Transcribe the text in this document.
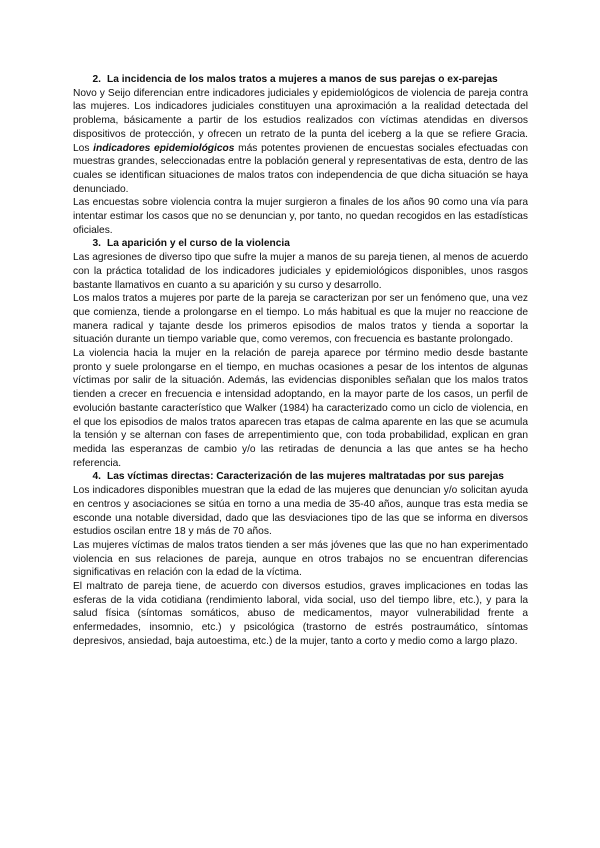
2. La incidencia de los malos tratos a mujeres a manos de sus parejas o ex-parejas

Novo y Seijo diferencian entre indicadores judiciales y epidemiológicos de violencia de pareja contra las mujeres. Los indicadores judiciales constituyen una aproximación a la realidad detectada del problema, básicamente a partir de los estudios realizados con víctimas atendidas en diversos dispositivos de protección, y ofrecen un retrato de la punta del iceberg a la que se refiere Gracia. Los indicadores epidemiológicos más potentes provienen de encuestas sociales efectuadas con muestras grandes, seleccionadas entre la población general y representativas de esta, dentro de las cuales se identifican situaciones de malos tratos con independencia de que dicha situación se haya denunciado.

Las encuestas sobre violencia contra la mujer surgieron a finales de los años 90 como una vía para intentar estimar los casos que no se denuncian y, por tanto, no quedan recogidos en las estadísticas oficiales.

3. La aparición y el curso de la violencia

Las agresiones de diverso tipo que sufre la mujer a manos de su pareja tienen, al menos de acuerdo con la práctica totalidad de los indicadores judiciales y epidemiológicos disponibles, unos rasgos bastante llamativos en cuanto a su aparición y su curso y desarrollo.

Los malos tratos a mujeres por parte de la pareja se caracterizan por ser un fenómeno que, una vez que comienza, tiende a prolongarse en el tiempo. Lo más habitual es que la mujer no reaccione de manera radical y tajante desde los primeros episodios de malos tratos y tienda a soportar la situación durante un tiempo variable que, como veremos, con frecuencia es bastante prolongado.

La violencia hacia la mujer en la relación de pareja aparece por término medio desde bastante pronto y suele prolongarse en el tiempo, en muchas ocasiones a pesar de los intentos de algunas víctimas por salir de la situación. Además, las evidencias disponibles señalan que los malos tratos tienden a crecer en frecuencia e intensidad adoptando, en la mayor parte de los casos, un perfil de evolución bastante característico que Walker (1984) ha caracterizado como un ciclo de violencia, en el que los episodios de malos tratos aparecen tras etapas de calma aparente en las que se acumula la tensión y se alternan con fases de arrepentimiento que, con toda probabilidad, explican en gran medida las esperanzas de cambio y/o las retiradas de denuncia a las que antes se ha hecho referencia.

4. Las víctimas directas: Caracterización de las mujeres maltratadas por sus parejas

Los indicadores disponibles muestran que la edad de las mujeres que denuncian y/o solicitan ayuda en centros y asociaciones se sitúa en torno a una media de 35-40 años, aunque tras esta media se esconde una notable diversidad, dado que las desviaciones tipo de las que se informa en diversos estudios oscilan entre 18 y más de 70 años.

Las mujeres víctimas de malos tratos tienden a ser más jóvenes que las que no han experimentado violencia en sus relaciones de pareja, aunque en otros trabajos no se encuentran diferencias significativas en relación con la edad de la víctima.

El maltrato de pareja tiene, de acuerdo con diversos estudios, graves implicaciones en todas las esferas de la vida cotidiana (rendimiento laboral, vida social, uso del tiempo libre, etc.), y para la salud física (síntomas somáticos, abuso de medicamentos, mayor vulnerabilidad frente a enfermedades, insomnio, etc.) y psicológica (trastorno de estrés postraumático, síntomas depresivos, ansiedad, baja autoestima, etc.) de la mujer, tanto a corto y medio como a largo plazo.
